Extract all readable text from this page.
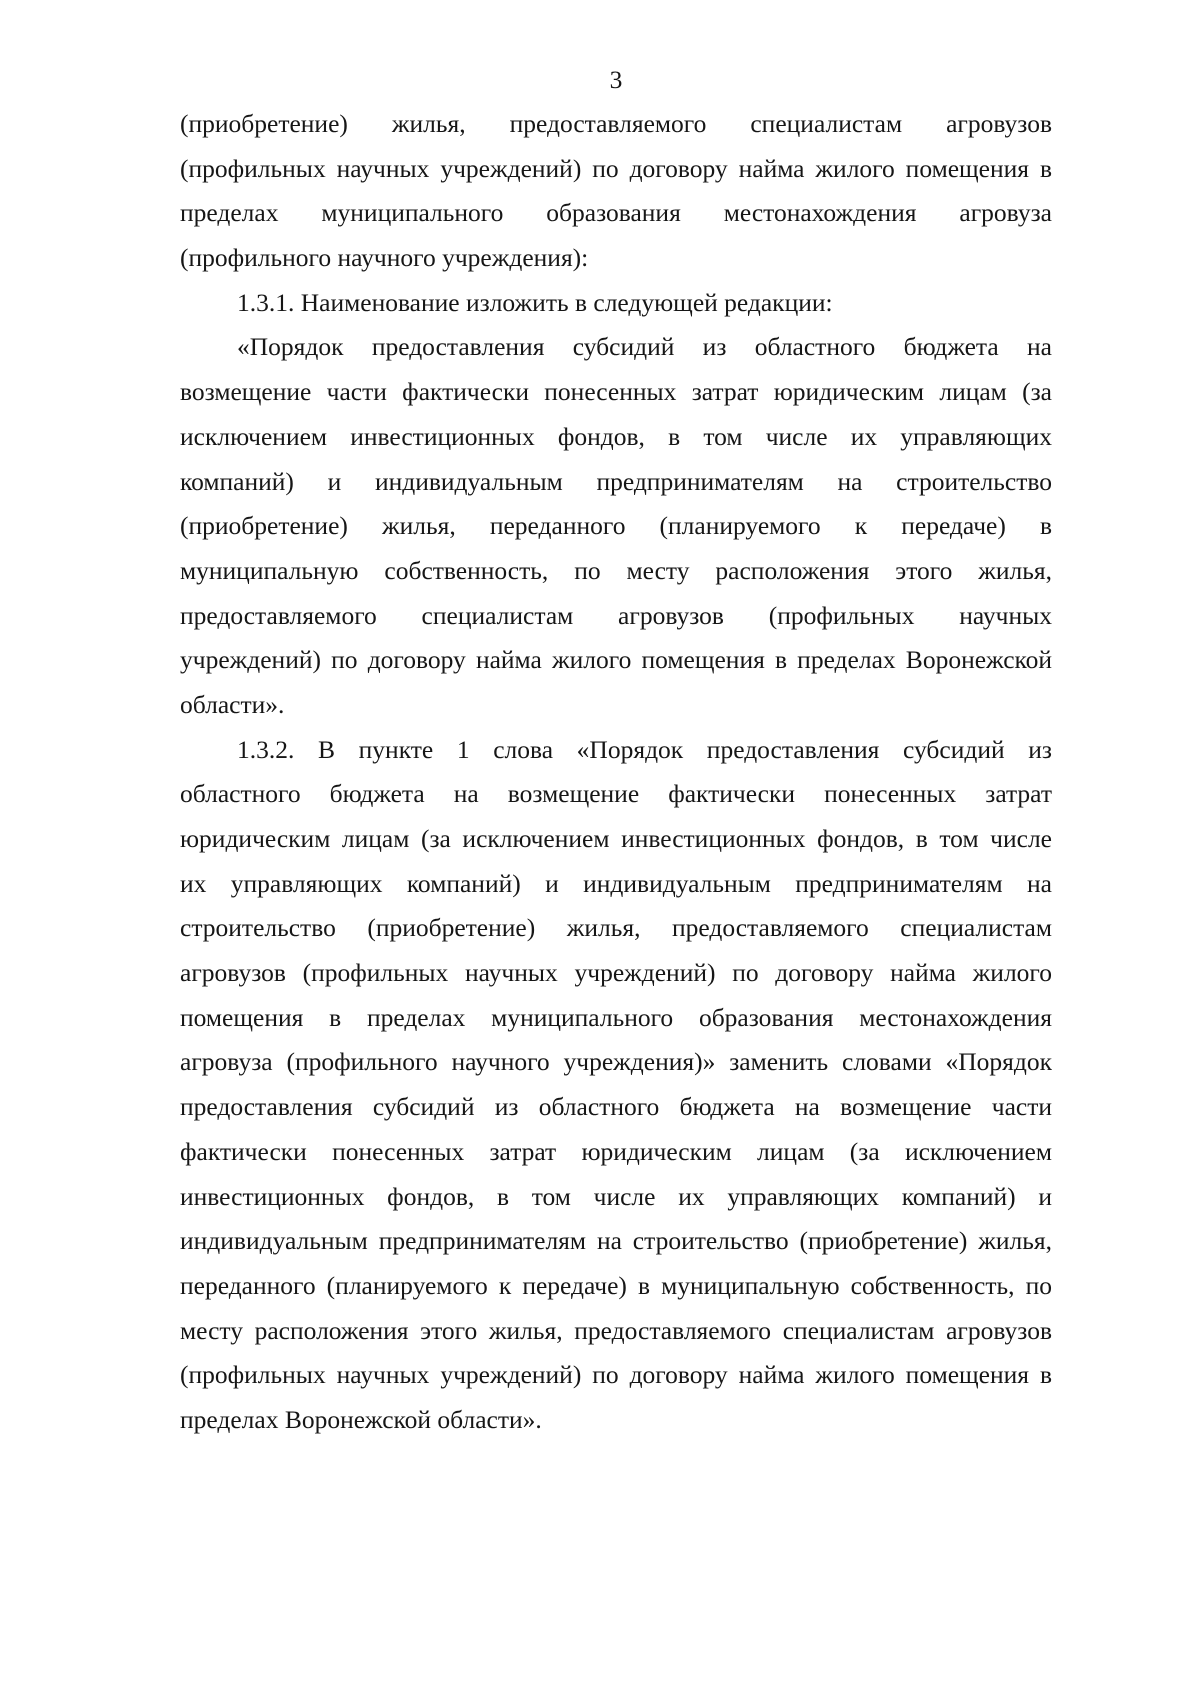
3
(приобретение) жилья, предоставляемого специалистам агровузов
(профильных научных учреждений) по договору найма жилого помещения в
пределах муниципального образования местонахождения агровуза
(профильного научного учреждения):
1.3.1. Наименование изложить в следующей редакции:
«Порядок предоставления субсидий из областного бюджета на
возмещение части фактически понесенных затрат юридическим лицам (за
исключением инвестиционных фондов, в том числе их управляющих
компаний) и индивидуальным предпринимателям на строительство
(приобретение) жилья, переданного (планируемого к передаче) в
муниципальную собственность, по месту расположения этого жилья,
предоставляемого специалистам агровузов (профильных научных
учреждений) по договору найма жилого помещения в пределах Воронежской
области».
1.3.2. В пункте 1 слова «Порядок предоставления субсидий из
областного бюджета на возмещение фактически понесенных затрат
юридическим лицам (за исключением инвестиционных фондов, в том числе
их управляющих компаний) и индивидуальным предпринимателям на
строительство (приобретение) жилья, предоставляемого специалистам
агровузов (профильных научных учреждений) по договору найма жилого
помещения в пределах муниципального образования местонахождения
агровуза (профильного научного учреждения)» заменить словами «Порядок
предоставления субсидий из областного бюджета на возмещение части
фактически понесенных затрат юридическим лицам (за исключением
инвестиционных фондов, в том числе их управляющих компаний) и
индивидуальным предпринимателям на строительство (приобретение) жилья,
переданного (планируемого к передаче) в муниципальную собственность, по
месту расположения этого жилья, предоставляемого специалистам агровузов
(профильных научных учреждений) по договору найма жилого помещения в
пределах Воронежской области».
